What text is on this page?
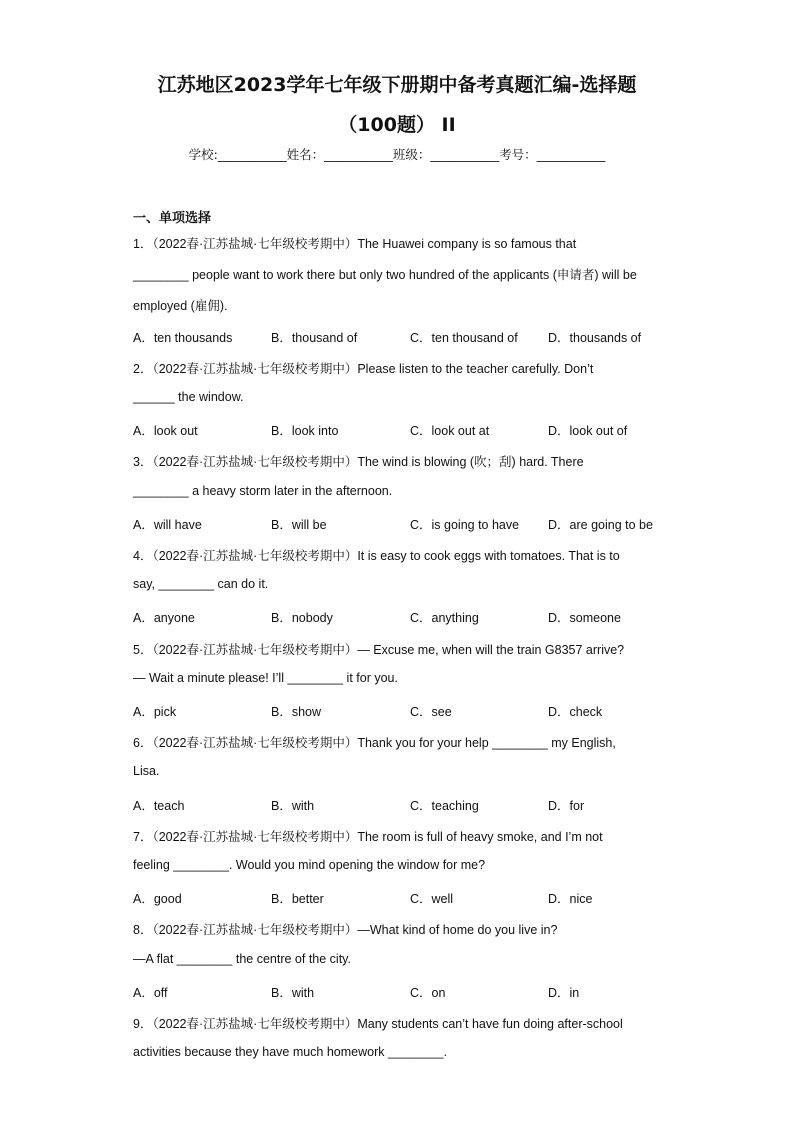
江苏地区2023学年七年级下册期中备考真题汇编-选择题
（100题） II
学校:___________姓名：___________班级：___________考号：___________
一、单项选择
1．（2022春·江苏盐城·七年级校考期中）The Huawei company is so famous that
________ people want to work there but only two hundred of the applicants (申请者) will be
employed (雇佣).
A．ten thousands	B．thousand of	C．ten thousand of D．thousands of
2．（2022春·江苏盐城·七年级校考期中）Please listen to the teacher carefully. Don’t
______ the window.
A．look out	B．look into	C．look out at	D．look out of
3．（2022春·江苏盐城·七年级校考期中）The wind is blowing (吹；刮) hard. There
________ a heavy storm later in the afternoon.
A．will have	B．will be	C．is going to have D．are going to be
4．（2022春·江苏盐城·七年级校考期中）It is easy to cook eggs with tomatoes. That is to
say, ________ can do it.
A．anyone	B．nobody	C．anything	D．someone
5．（2022春·江苏盐城·七年级校考期中）— Excuse me, when will the train G8357 arrive?
— Wait a minute please! I’ll ________ it for you.
A．pick	B．show	C．see	D．check
6．（2022春·江苏盐城·七年级校考期中）Thank you for your help ________ my English,
Lisa.
A．teach	B．with	C．teaching	D．for
7．（2022春·江苏盐城·七年级校考期中）The room is full of heavy smoke, and I’m not
feeling ________. Would you mind opening the window for me?
A．good	B．better	C．well	D．nice
8．（2022春·江苏盐城·七年级校考期中）—What kind of home do you live in?
—A flat ________ the centre of the city.
A．off	B．with	C．on	D．in
9．（2022春·江苏盐城·七年级校考期中）Many students can’t have fun doing after-school
activities because they have much homework ________.
